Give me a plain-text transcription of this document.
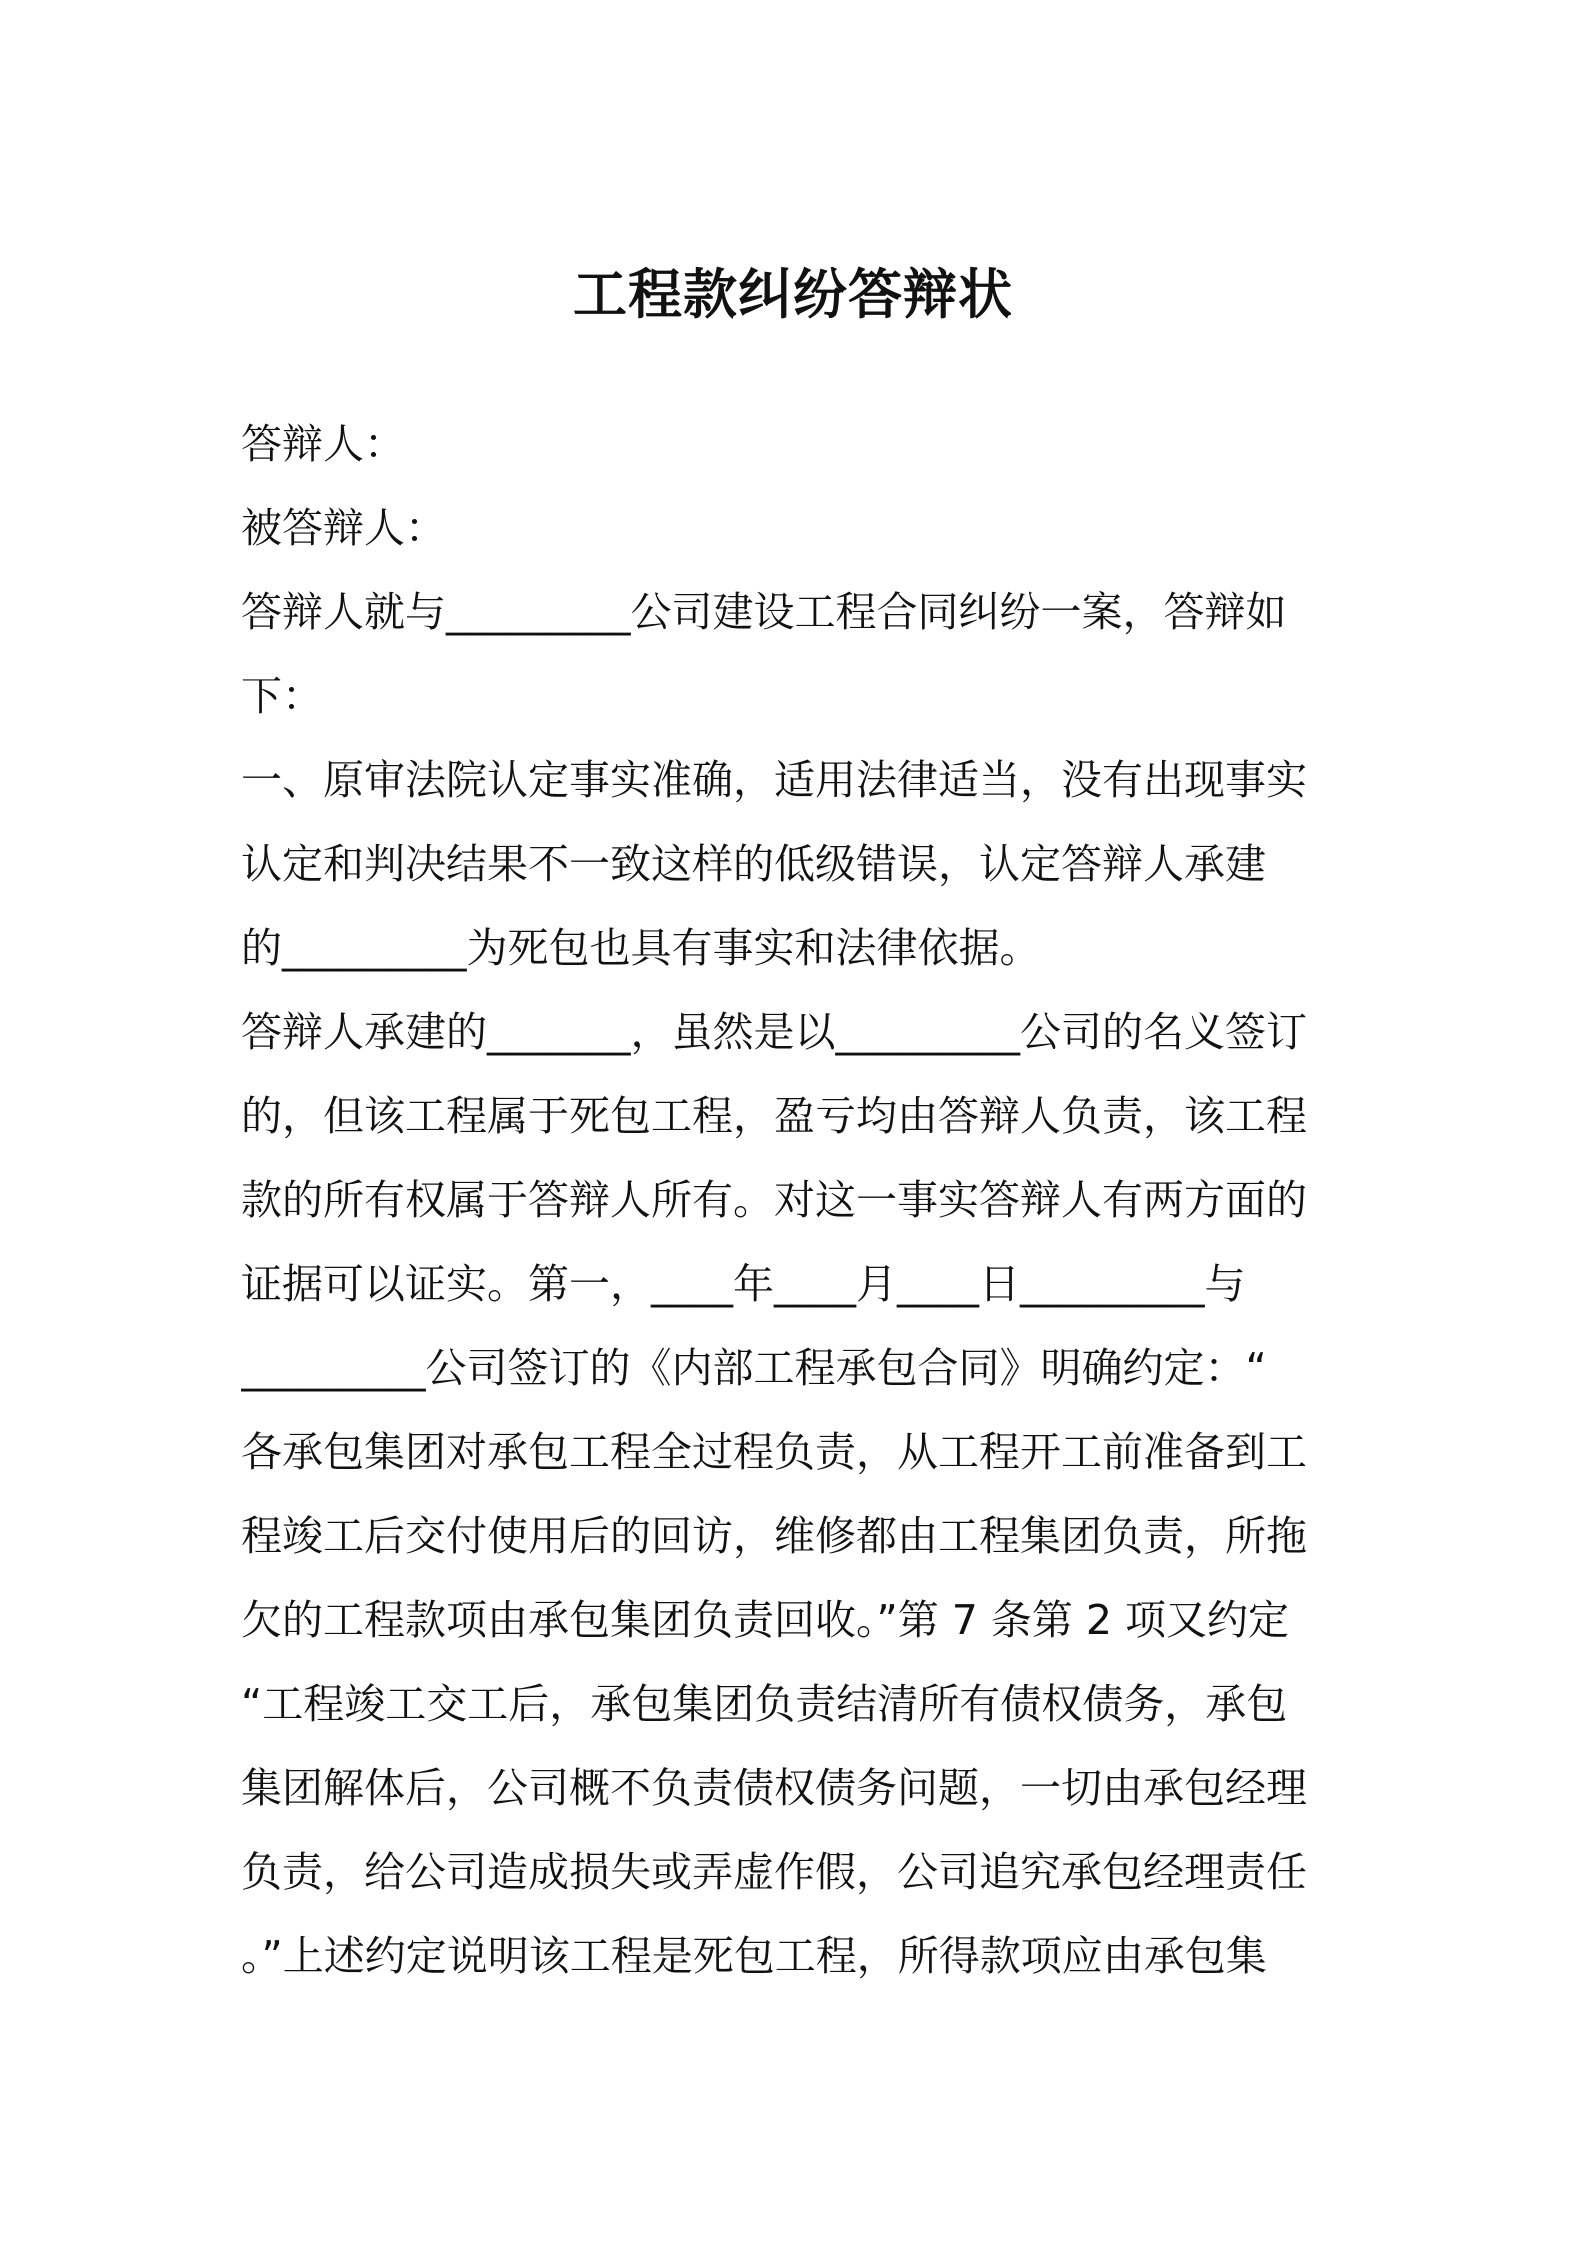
工程款纠纷答辩状
答辩人：
被答辩人：
答辩人就与_________公司建设工程合同纠纷一案，答辩如
下：
一、原审法院认定事实准确，适用法律适当，没有出现事实
认定和判决结果不一致这样的低级错误，认定答辩人承建
的_________为死包也具有事实和法律依据。
答辩人承建的_______，虽然是以_________公司的名义签订
的，但该工程属于死包工程，盈亏均由答辩人负责，该工程
款的所有权属于答辩人所有。对这一事实答辩人有两方面的
证据可以证实。第一，____年____月____日_________与
_________公司签订的《内部工程承包合同》明确约定：“
各承包集团对承包工程全过程负责，从工程开工前准备到工
程竣工后交付使用后的回访，维修都由工程集团负责，所拖
欠的工程款项由承包集团负责回收。”第 7 条第 2 项又约定
“工程竣工交工后，承包集团负责结清所有债权债务，承包
集团解体后，公司概不负责债权债务问题，一切由承包经理
负责，给公司造成损失或弄虚作假，公司追究承包经理责任
。”上述约定说明该工程是死包工程，所得款项应由承包集
